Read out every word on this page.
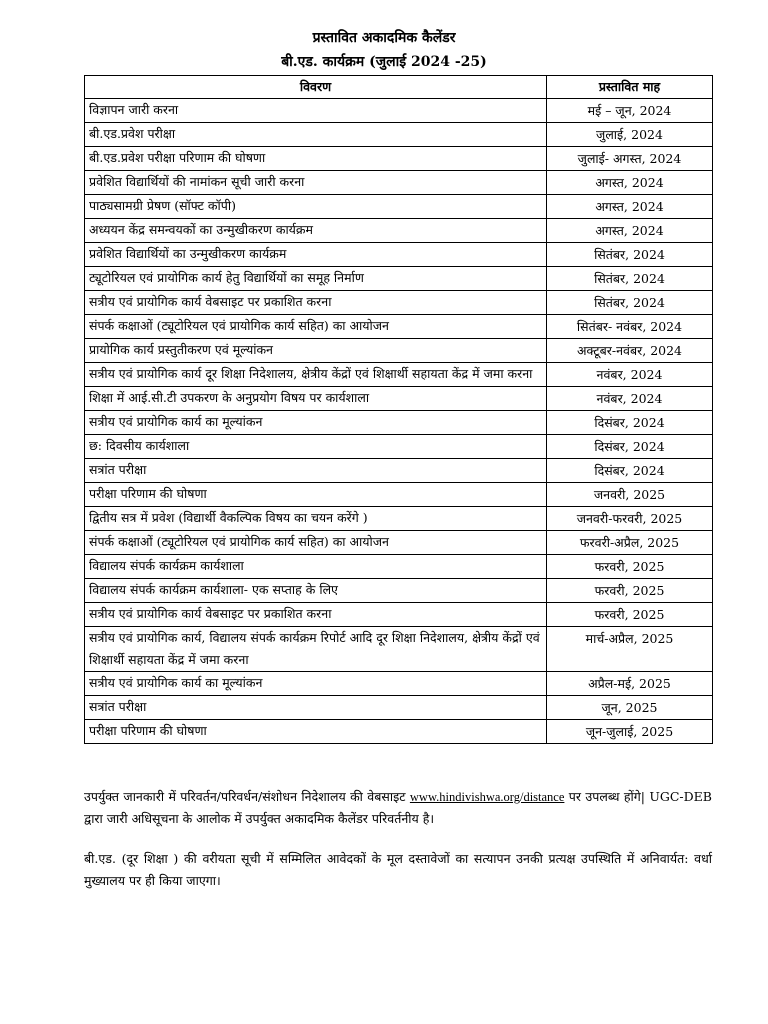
प्रस्तावित अकादमिक कैलेंडर
बी.एड. कार्यक्रम (जुलाई 2024 -25)
विवरण	प्रस्तावित माह
विज्ञापन जारी करना	मई – जून, 2024
बी.एड.प्रवेश परीक्षा	जुलाई, 2024
बी.एड.प्रवेश परीक्षा परिणाम की घोषणा	जुलाई- अगस्त, 2024
प्रवेशित विद्यार्थियों की नामांकन सूची जारी करना	अगस्त, 2024
पाठ्यसामग्री प्रेषण (सॉफ्ट कॉपी)	अगस्त, 2024
अध्ययन केंद्र समन्वयकों का उन्मुखीकरण कार्यक्रम	अगस्त, 2024
प्रवेशित विद्यार्थियों का उन्मुखीकरण कार्यक्रम	सितंबर, 2024
ट्यूटोरियल एवं प्रायोगिक कार्य हेतु विद्यार्थियों का समूह निर्माण	सितंबर, 2024
सत्रीय एवं प्रायोगिक कार्य वेबसाइट पर प्रकाशित करना	सितंबर, 2024
संपर्क कक्षाओं (ट्यूटोरियल एवं प्रायोगिक कार्य सहित) का आयोजन	सितंबर- नवंबर, 2024
प्रायोगिक कार्य प्रस्तुतीकरण एवं मूल्यांकन	अक्टूबर-नवंबर, 2024
सत्रीय एवं प्रायोगिक कार्य दूर शिक्षा निदेशालय, क्षेत्रीय केंद्रों एवं शिक्षार्थी सहायता केंद्र में जमा करना	नवंबर, 2024
शिक्षा में आई.सी.टी उपकरण के अनुप्रयोग विषय पर कार्यशाला	नवंबर, 2024
सत्रीय एवं प्रायोगिक कार्य का मूल्यांकन	दिसंबर, 2024
छ: दिवसीय कार्यशाला	दिसंबर, 2024
सत्रांत परीक्षा	दिसंबर, 2024
परीक्षा परिणाम की घोषणा	जनवरी, 2025
द्वितीय सत्र में प्रवेश (विद्यार्थी वैकल्पिक विषय का चयन करेंगे )	जनवरी-फरवरी, 2025
संपर्क कक्षाओं (ट्यूटोरियल एवं प्रायोगिक कार्य सहित) का आयोजन	फरवरी-अप्रैल, 2025
विद्यालय संपर्क कार्यक्रम कार्यशाला	फरवरी, 2025
विद्यालय संपर्क कार्यक्रम कार्यशाला- एक सप्ताह के लिए	फरवरी, 2025
सत्रीय एवं प्रायोगिक कार्य वेबसाइट पर प्रकाशित करना	फरवरी, 2025
सत्रीय एवं प्रायोगिक कार्य, विद्यालय संपर्क कार्यक्रम रिपोर्ट आदि दूर शिक्षा निदेशालय, क्षेत्रीय केंद्रों एवं शिक्षार्थी सहायता केंद्र में जमा करना	मार्च-अप्रैल, 2025
सत्रीय एवं प्रायोगिक कार्य का मूल्यांकन	अप्रैल-मई, 2025
सत्रांत परीक्षा	जून, 2025
परीक्षा परिणाम की घोषणा	जून-जुलाई, 2025
उपर्युक्त जानकारी में परिवर्तन/परिवर्धन/संशोधन निदेशालय की वेबसाइट www.hindivishwa.org/distance पर उपलब्ध होंगे| UGC-DEB द्वारा जारी अधिसूचना के आलोक में उपर्युक्त अकादमिक कैलेंडर परिवर्तनीय है।
बी.एड. (दूर शिक्षा ) की वरीयता सूची में सम्मिलित आवेदकों के मूल दस्तावेजों का सत्यापन उनकी प्रत्यक्ष उपस्थिति में अनिवार्यत: वर्धा मुख्यालय पर ही किया जाएगा।
